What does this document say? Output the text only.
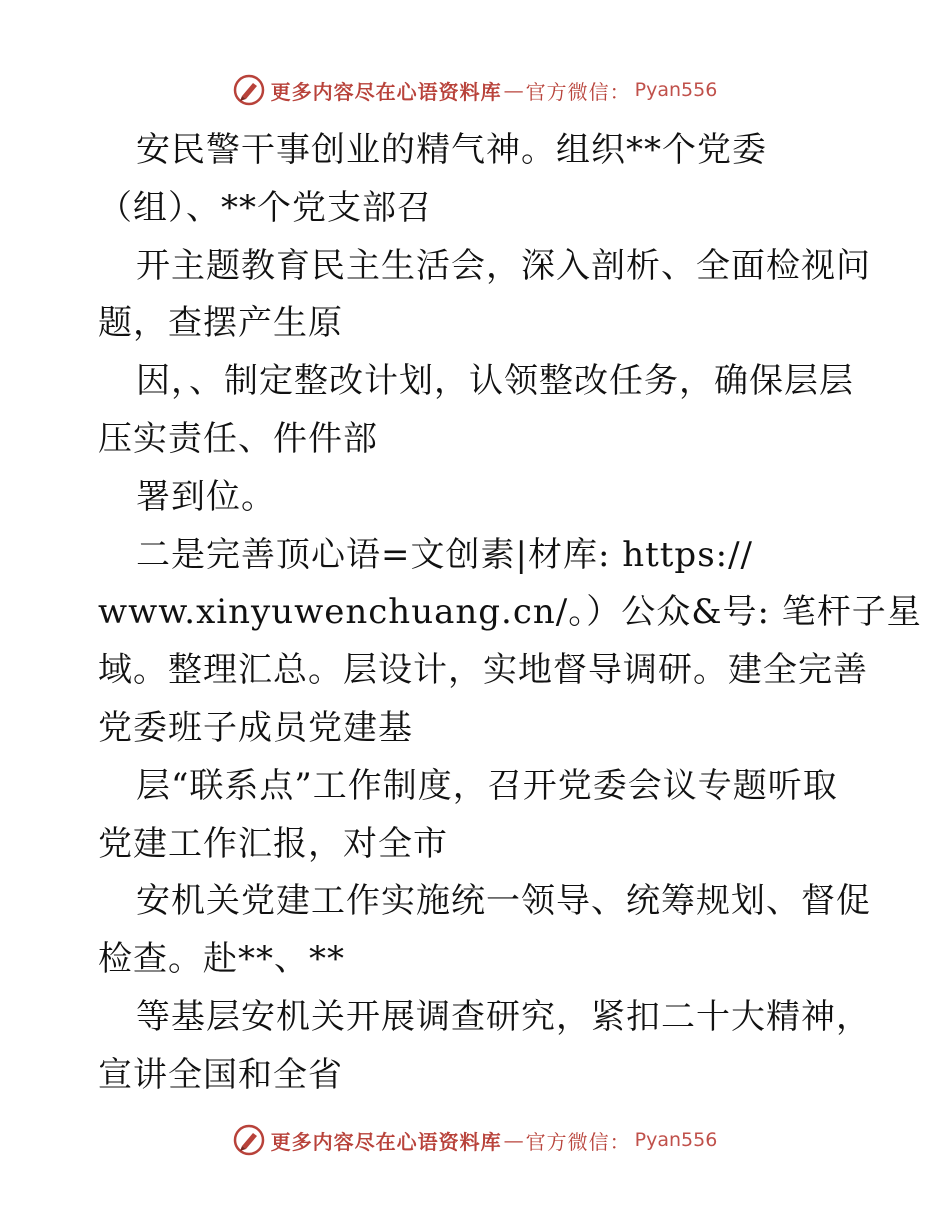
更多内容尽在心语资料库 — 官方微信： Pyan556
安民警干事创业的精气神。组织**个党委
（组）、**个党支部召
开主题教育民主生活会，深入剖析、全面检视问
题，查摆产生原
因，、制定整改计划，认领整改任务，确保层层
压实责任、件件部
署到位。
二是完善顶心语=文创素|材库: https://
www.xinyuwenchuang.cn/。）公众&号: 笔杆子星
域。整理汇总。层设计，实地督导调研。建全完善
党委班子成员党建基
层“联系点”工作制度，召开党委会议专题听取
党建工作汇报，对全市
安机关党建工作实施统一领导、统筹规划、督促
检查。赴**、**
等基层安机关开展调查研究，紧扣二十大精神，
宣讲全国和全省
更多内容尽在心语资料库 — 官方微信： Pyan556
